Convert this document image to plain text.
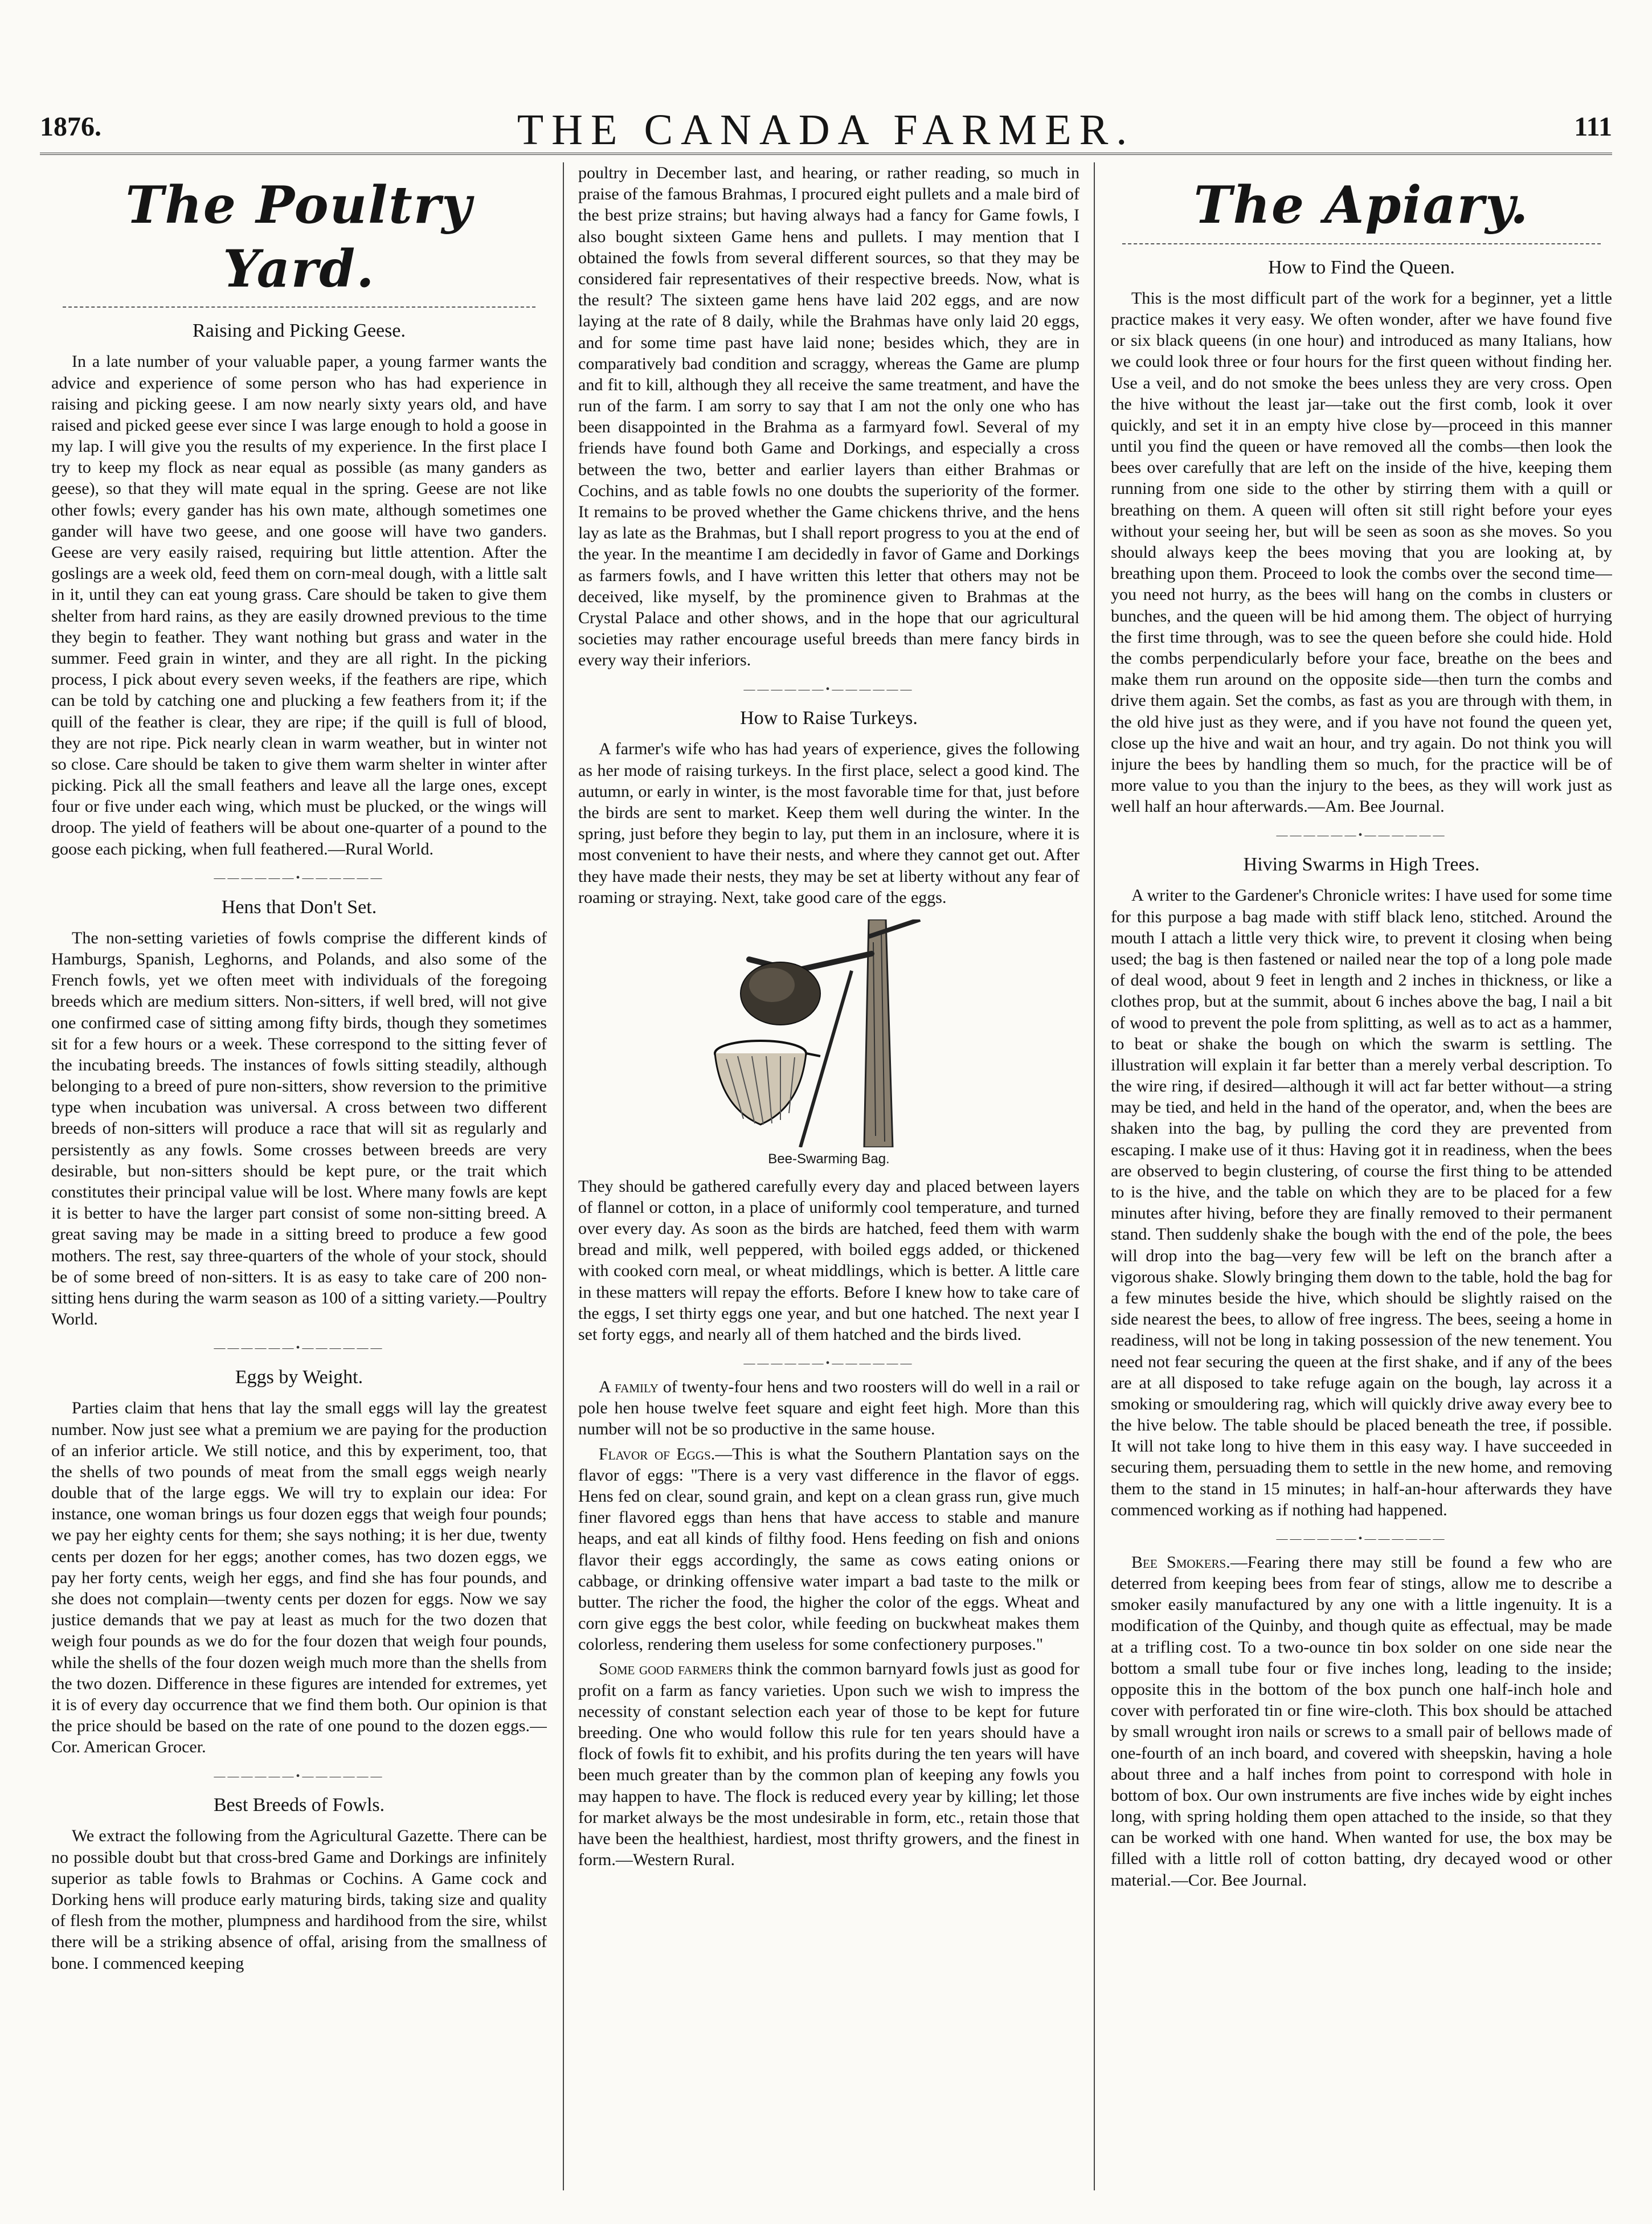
1876.	THE CANADA FARMER.	111
The Poultry Yard.
Raising and Picking Geese.

In a late number of your valuable paper, a young farmer wants the advice and experience of some person who has had experience in raising and picking geese. I am now nearly sixty years old, and have raised and picked geese ever since I was large enough to hold a goose in my lap. I will give you the results of my experience. In the first place I try to keep my flock as near equal as possible (as many ganders as geese), so that they will mate equal in the spring. Geese are not like other fowls; every gander has his own mate, although sometimes one gander will have two geese, and one goose will have two ganders. Geese are very easily raised, requiring but little attention. After the goslings are a week old, feed them on corn-meal dough, with a little salt in it, until they can eat young grass. Care should be taken to give them shelter from hard rains, as they are easily drowned previous to the time they begin to feather. They want nothing but grass and water in the summer. Feed grain in winter, and they are all right. In the picking process, I pick about every seven weeks, if the feathers are ripe, which can be told by catching one and plucking a few feathers from it; if the quill of the feather is clear, they are ripe; if the quill is full of blood, they are not ripe. Pick nearly clean in warm weather, but in winter not so close. Care should be taken to give them warm shelter in winter after picking. Pick all the small feathers and leave all the large ones, except four or five under each wing, which must be plucked, or the wings will droop. The yield of feathers will be about one-quarter of a pound to the goose each picking, when full feathered.—Rural World.

—————
Hens that Don't Set.

The non-setting varieties of fowls comprise the different kinds of Hamburgs, Spanish, Leghorns, and Polands, and also some of the French fowls, yet we often meet with individuals of the foregoing breeds which are medium sitters. Non-sitters, if well bred, will not give one confirmed case of sitting among fifty birds, though they sometimes sit for a few hours or a week. These correspond to the sitting fever of the incubating breeds. The instances of fowls sitting steadily, although belonging to a breed of pure non-sitters, show reversion to the primitive type when incubation was universal. A cross between two different breeds of non-sitters will produce a race that will sit as regularly and persistently as any fowls. Some crosses between breeds are very desirable, but non-sitters should be kept pure, or the trait which constitutes their principal value will be lost. Where many fowls are kept it is better to have the larger part consist of some non-sitting breed. A great saving may be made in a sitting breed to produce a few good mothers. The rest, say three-quarters of the whole of your stock, should be of some breed of non-sitters. It is as easy to take care of 200 non-sitting hens during the warm season as 100 of a sitting variety.—Poultry World.

—————
Eggs by Weight.

Parties claim that hens that lay the small eggs will lay the greatest number. Now just see what a premium we are paying for the production of an inferior article. We still notice, and this by experiment, too, that the shells of two pounds of meat from the small eggs weigh nearly double that of the large eggs. We will try to explain our idea: For instance, one woman brings us four dozen eggs that weigh four pounds; we pay her eighty cents for them; she says nothing; it is her due, twenty cents per dozen for her eggs; another comes, has two dozen eggs, we pay her forty cents, weigh her eggs, and find she has four pounds, and she does not complain—twenty cents per dozen for eggs. Now we say justice demands that we pay at least as much for the two dozen that weigh four pounds as we do for the four dozen that weigh four pounds, while the shells of the four dozen weigh much more than the shells from the two dozen. Difference in these figures are intended for extremes, yet it is of every day occurrence that we find them both. Our opinion is that the price should be based on the rate of one pound to the dozen eggs.—Cor. American Grocer.

—————
Best Breeds of Fowls.

We extract the following from the Agricultural Gazette. There can be no possible doubt but that cross-bred Game and Dorkings are infinitely superior as table fowls to Brahmas or Cochins. A Game cock and Dorking hens will produce early maturing birds, taking size and quality of flesh from the mother, plumpness and hardihood from the sire, whilst there will be a striking absence of offal, arising from the smallness of bone. I commenced keeping

poultry in December last, and hearing, or rather reading, so much in praise of the famous Brahmas, I procured eight pullets and a male bird of the best prize strains; but having always had a fancy for Game fowls, I also bought sixteen Game hens and pullets. I may mention that I obtained the fowls from several different sources, so that they may be considered fair representatives of their respective breeds. Now, what is the result? The sixteen game hens have laid 202 eggs, and are now laying at the rate of 8 daily, while the Brahmas have only laid 20 eggs, and for some time past have laid none; besides which, they are in comparatively bad condition and scraggy, whereas the Game are plump and fit to kill, although they all receive the same treatment, and have the run of the farm. I am sorry to say that I am not the only one who has been disappointed in the Brahma as a farmyard fowl. Several of my friends have found both Game and Dorkings, and especially a cross between the two, better and earlier layers than either Brahmas or Cochins, and as table fowls no one doubts the superiority of the former. It remains to be proved whether the Game chickens thrive, and the hens lay as late as the Brahmas, but I shall report progress to you at the end of the year. In the meantime I am decidedly in favor of Game and Dorkings as farmers fowls, and I have written this letter that others may not be deceived, like myself, by the prominence given to Brahmas at the Crystal Palace and other shows, and in the hope that our agricultural societies may rather encourage useful breeds than mere fancy birds in every way their inferiors.

—————
How to Raise Turkeys.

A farmer's wife who has had years of experience, gives the following as her mode of raising turkeys. In the first place, select a good kind. The autumn, or early in winter, is the most favorable time for that, just before the birds are sent to market. Keep them well during the winter. In the spring, just before they begin to lay, put them in an inclosure, where it is most convenient to have their nests, and where they cannot get out. After they have made their nests, they may be set at liberty without any fear of roaming or straying. Next, take good care of the eggs.

Bee-Swarming Bag.

They should be gathered carefully every day and placed between layers of flannel or cotton, in a place of uniformly cool temperature, and turned over every day. As soon as the birds are hatched, feed them with warm bread and milk, well peppered, with boiled eggs added, or thickened with cooked corn meal, or wheat middlings, which is better. A little care in these matters will repay the efforts. Before I knew how to take care of the eggs, I set thirty eggs one year, and but one hatched. The next year I set forty eggs, and nearly all of them hatched and the birds lived.

—————

A family of twenty-four hens and two roosters will do well in a rail or pole hen house twelve feet square and eight feet high. More than this number will not be so productive in the same house.

Flavor of Eggs.—This is what the Southern Plantation says on the flavor of eggs: "There is a very vast difference in the flavor of eggs. Hens fed on clear, sound grain, and kept on a clean grass run, give much finer flavored eggs than hens that have access to stable and manure heaps, and eat all kinds of filthy food. Hens feeding on fish and onions flavor their eggs accordingly, the same as cows eating onions or cabbage, or drinking offensive water impart a bad taste to the milk or butter. The richer the food, the higher the color of the eggs. Wheat and corn give eggs the best color, while feeding on buckwheat makes them colorless, rendering them useless for some confectionery purposes."

Some good farmers think the common barnyard fowls just as good for profit on a farm as fancy varieties. Upon such we wish to impress the necessity of constant selection each year of those to be kept for future breeding. One who would follow this rule for ten years should have a flock of fowls fit to exhibit, and his profits during the ten years will have been much greater than by the common plan of keeping any fowls you may happen to have. The flock is reduced every year by killing; let those for market always be the most undesirable in form, etc., retain those that have been the healthiest, hardiest, most thrifty growers, and the finest in form.—Western Rural.

The Apiary.
How to Find the Queen.

This is the most difficult part of the work for a beginner, yet a little practice makes it very easy. We often wonder, after we have found five or six black queens (in one hour) and introduced as many Italians, how we could look three or four hours for the first queen without finding her. Use a veil, and do not smoke the bees unless they are very cross. Open the hive without the least jar—take out the first comb, look it over quickly, and set it in an empty hive close by—proceed in this manner until you find the queen or have removed all the combs—then look the bees over carefully that are left on the inside of the hive, keeping them running from one side to the other by stirring them with a quill or breathing on them. A queen will often sit still right before your eyes without your seeing her, but will be seen as soon as she moves. So you should always keep the bees moving that you are looking at, by breathing upon them. Proceed to look the combs over the second time—you need not hurry, as the bees will hang on the combs in clusters or bunches, and the queen will be hid among them. The object of hurrying the first time through, was to see the queen before she could hide. Hold the combs perpendicularly before your face, breathe on the bees and make them run around on the opposite side—then turn the combs and drive them again. Set the combs, as fast as you are through with them, in the old hive just as they were, and if you have not found the queen yet, close up the hive and wait an hour, and try again. Do not think you will injure the bees by handling them so much, for the practice will be of more value to you than the injury to the bees, as they will work just as well half an hour afterwards.—Am. Bee Journal.

—————
Hiving Swarms in High Trees.

A writer to the Gardener's Chronicle writes: I have used for some time for this purpose a bag made with stiff black leno, stitched. Around the mouth I attach a little very thick wire, to prevent it closing when being used; the bag is then fastened or nailed near the top of a long pole made of deal wood, about 9 feet in length and 2 inches in thickness, or like a clothes prop, but at the summit, about 6 inches above the bag, I nail a bit of wood to prevent the pole from splitting, as well as to act as a hammer, to beat or shake the bough on which the swarm is settling. The illustration will explain it far better than a merely verbal description. To the wire ring, if desired—although it will act far better without—a string may be tied, and held in the hand of the operator, and, when the bees are shaken into the bag, by pulling the cord they are prevented from escaping. I make use of it thus: Having got it in readiness, when the bees are observed to begin clustering, of course the first thing to be attended to is the hive, and the table on which they are to be placed for a few minutes after hiving, before they are finally removed to their permanent stand. Then suddenly shake the bough with the end of the pole, the bees will drop into the bag—very few will be left on the branch after a vigorous shake. Slowly bringing them down to the table, hold the bag for a few minutes beside the hive, which should be slightly raised on the side nearest the bees, to allow of free ingress. The bees, seeing a home in readiness, will not be long in taking possession of the new tenement. You need not fear securing the queen at the first shake, and if any of the bees are at all disposed to take refuge again on the bough, lay across it a smoking or smouldering rag, which will quickly drive away every bee to the hive below. The table should be placed beneath the tree, if possible. It will not take long to hive them in this easy way. I have succeeded in securing them, persuading them to settle in the new home, and removing them to the stand in 15 minutes; in half-an-hour afterwards they have commenced working as if nothing had happened.

—————

Bee Smokers.—Fearing there may still be found a few who are deterred from keeping bees from fear of stings, allow me to describe a smoker easily manufactured by any one with a little ingenuity. It is a modification of the Quinby, and though quite as effectual, may be made at a trifling cost. To a two-ounce tin box solder on one side near the bottom a small tube four or five inches long, leading to the inside; opposite this in the bottom of the box punch one half-inch hole and cover with perforated tin or fine wire-cloth. This box should be attached by small wrought iron nails or screws to a small pair of bellows made of one-fourth of an inch board, and covered with sheepskin, having a hole about three and a half inches from point to correspond with hole in bottom of box. Our own instruments are five inches wide by eight inches long, with spring holding them open attached to the inside, so that they can be worked with one hand. When wanted for use, the box may be filled with a little roll of cotton batting, dry decayed wood or other material.—Cor. Bee Journal.
